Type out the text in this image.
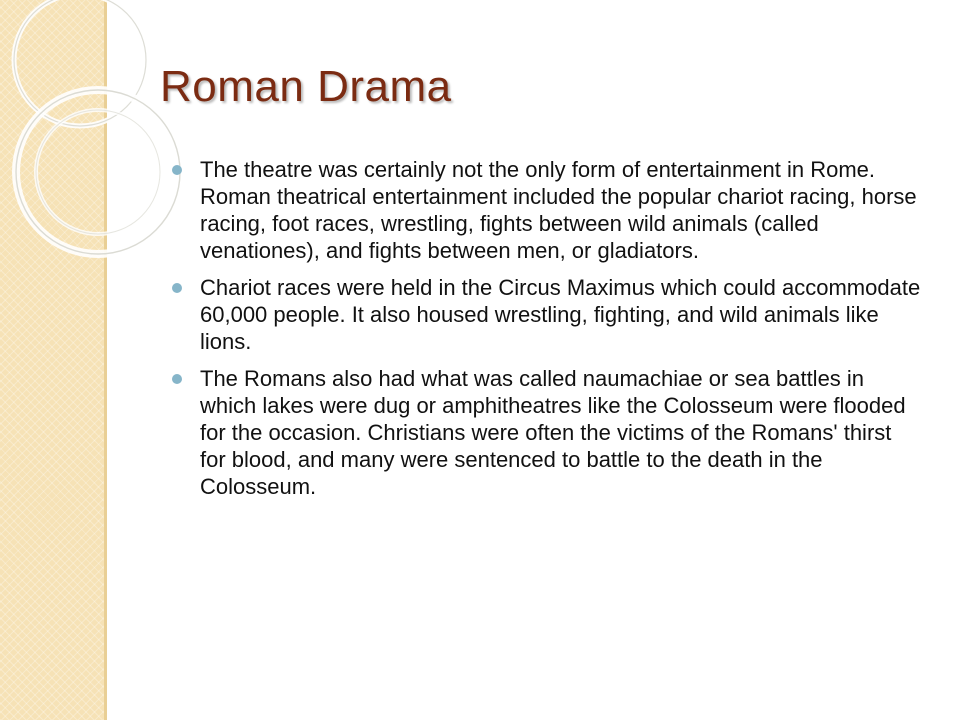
Roman Drama
The theatre was certainly not the only form of entertainment in Rome. Roman theatrical entertainment included the popular chariot racing, horse racing, foot races, wrestling, fights between wild animals (called venationes), and fights between men, or gladiators.
Chariot races were held in the Circus Maximus which could accommodate 60,000 people. It also housed wrestling, fighting, and wild animals like lions.
The Romans also had what was called naumachiae or sea battles in which lakes were dug or amphitheatres like the Colosseum were flooded for the occasion. Christians were often the victims of the Romans' thirst for blood, and many were sentenced to battle to the death in the Colosseum.
